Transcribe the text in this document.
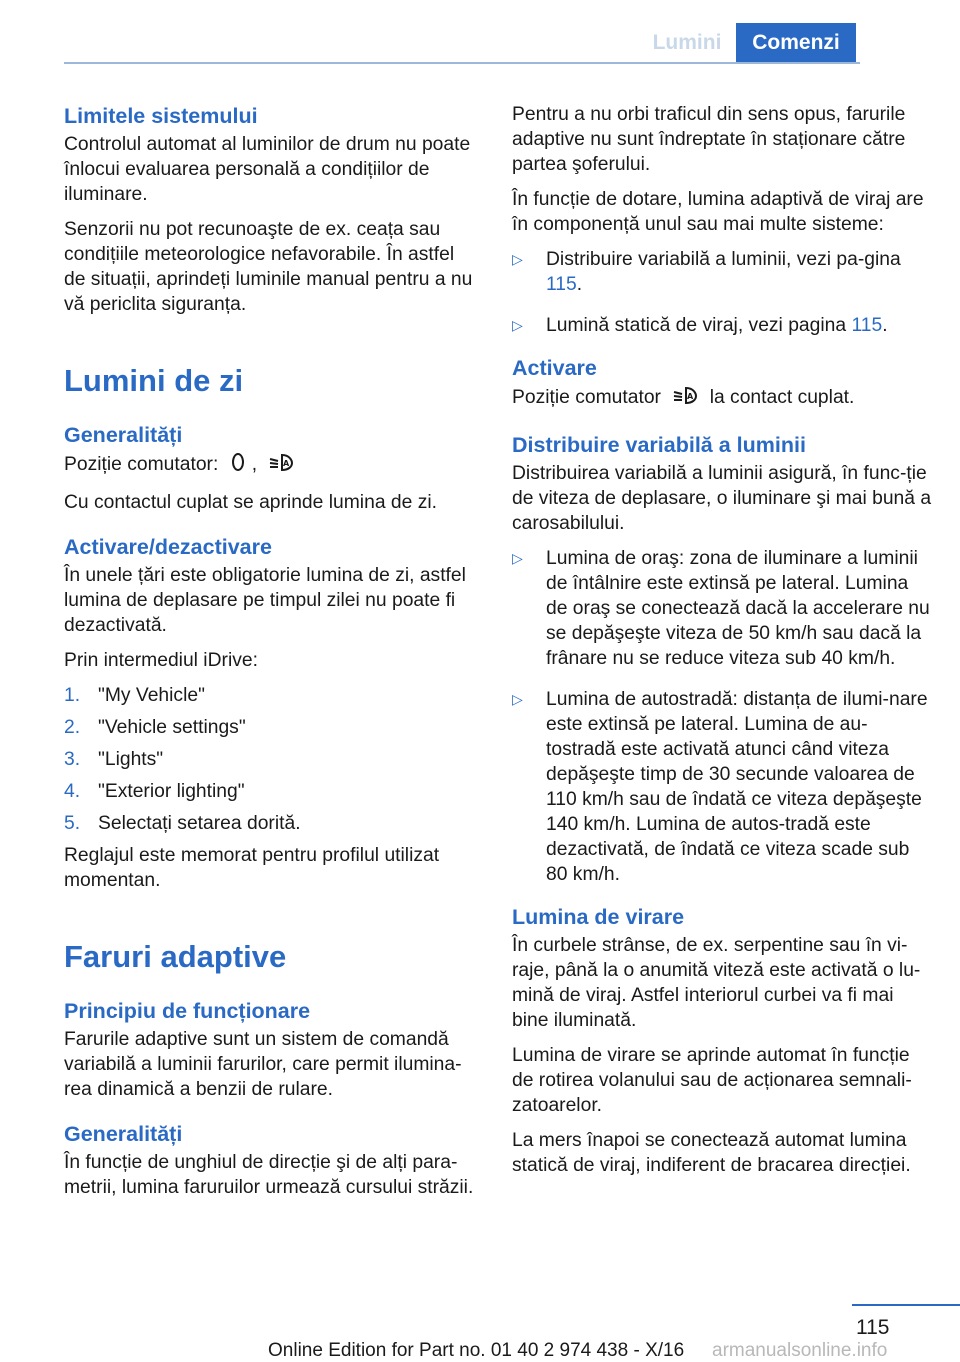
Lumini	Comenzi
Limitele sistemului

Controlul automat al luminilor de drum nu poate înlocui evaluarea personală a condițiilor de iluminare.

Senzorii nu pot recunoaşte de ex. ceața sau condițiile meteorologice nefavorabile. În astfel de situații, aprindeți luminile manual pentru a nu vă periclita siguranța.

Lumini de zi
Generalități

Poziție comutator: ,	A

Cu contactul cuplat se aprinde lumina de zi.

Activare/dezactivare

În unele țări este obligatorie lumina de zi, astfel lumina de deplasare pe timpul zilei nu poate fi dezactivată.

Prin intermediul iDrive:

1. "My Vehicle"
2. "Vehicle settings"
3. "Lights"
4. "Exterior lighting"
5. Selectați setarea dorită.

Reglajul este memorat pentru profilul utilizat momentan.

Faruri adaptive
Principiu de funcționare

Farurile adaptive sunt un sistem de comandă variabilă a luminii farurilor, care permit ilumina-rea dinamică a benzii de rulare.

Generalități

În funcție de unghiul de direcție şi de alți para-metrii, lumina faruruilor urmează cursului străzii.

Pentru a nu orbi traficul din sens opus, farurile adaptive nu sunt îndreptate în staționare către partea şoferului.

În funcție de dotare, lumina adaptivă de viraj are în componență unul sau mai multe sisteme:

▷	Distribuire variabilă a luminii, vezi pa-gina 115.
▷	Lumină statică de viraj, vezi pagina 115.
Activare

Poziție comutator	A la contact cuplat.

Distribuire variabilă a luminii

Distribuirea variabilă a luminii asigură, în func-ție de viteza de deplasare, o iluminare şi mai bună a carosabilului.

▷	Lumina de oraş: zona de iluminare a luminii de întâlnire este extinsă pe lateral. Lumina de oraş se conectează dacă la accelerare nu se depăşeşte viteza de 50 km/h sau dacă la frânare nu se reduce viteza sub 40 km/h.
▷	Lumina de autostradă: distanța de ilumi-nare este extinsă pe lateral. Lumina de au-tostradă este activată atunci când viteza depăşeşte timp de 30 secunde valoarea de 110 km/h sau de îndată ce viteza depăşeşte 140 km/h. Lumina de autos-tradă este dezactivată, de îndată ce viteza scade sub 80 km/h.
Lumina de virare

În curbele strânse, de ex. serpentine sau în vi-raje, până la o anumită viteză este activată o lu-mină de viraj. Astfel interiorul curbei va fi mai bine iluminată.

Lumina de virare se aprinde automat în funcție de rotirea volanului sau de acționarea semnali-zatoarelor.

La mers înapoi se conectează automat lumina statică de viraj, indiferent de bracarea direcției.

115
Online Edition for Part no. 01 40 2 974 438 - X/16 armanualsonline.info
